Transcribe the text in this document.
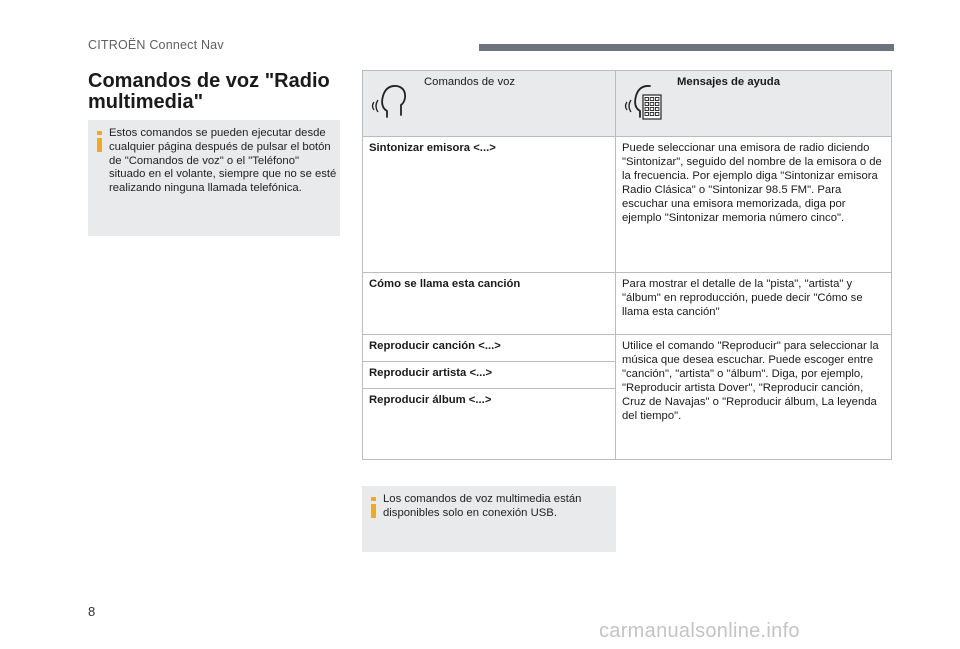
CITROËN Connect Nav
Comandos de voz "Radio multimedia"
Estos comandos se pueden ejecutar desde cualquier página después de pulsar el botón de "Comandos de voz" o el "Teléfono" situado en el volante, siempre que no se esté realizando ninguna llamada telefónica.
Comandos de voz	Mensajes de ayuda

Sintonizar emisora <...>	Puede seleccionar una emisora de radio diciendo "Sintonizar", seguido del nombre de la emisora o de la frecuencia. Por ejemplo diga "Sintonizar emisora Radio Clásica" o "Sintonizar 98.5 FM". Para escuchar una emisora memorizada, diga por ejemplo "Sintonizar memoria número cinco".
Cómo se llama esta canción	Para mostrar el detalle de la "pista", "artista" y "álbum" en reproducción, puede decir "Cómo se llama esta canción"
Reproducir canción <...>	Utilice el comando "Reproducir" para seleccionar la música que desea escuchar. Puede escoger entre "canción", "artista" o "álbum". Diga, por ejemplo, "Reproducir artista Dover", "Reproducir canción, Cruz de Navajas" o "Reproducir álbum, La leyenda del tiempo".
Reproducir artista <...>	
Reproducir álbum <...>	
Los comandos de voz multimedia están disponibles solo en conexión USB.
8
carmanualsonline.info
